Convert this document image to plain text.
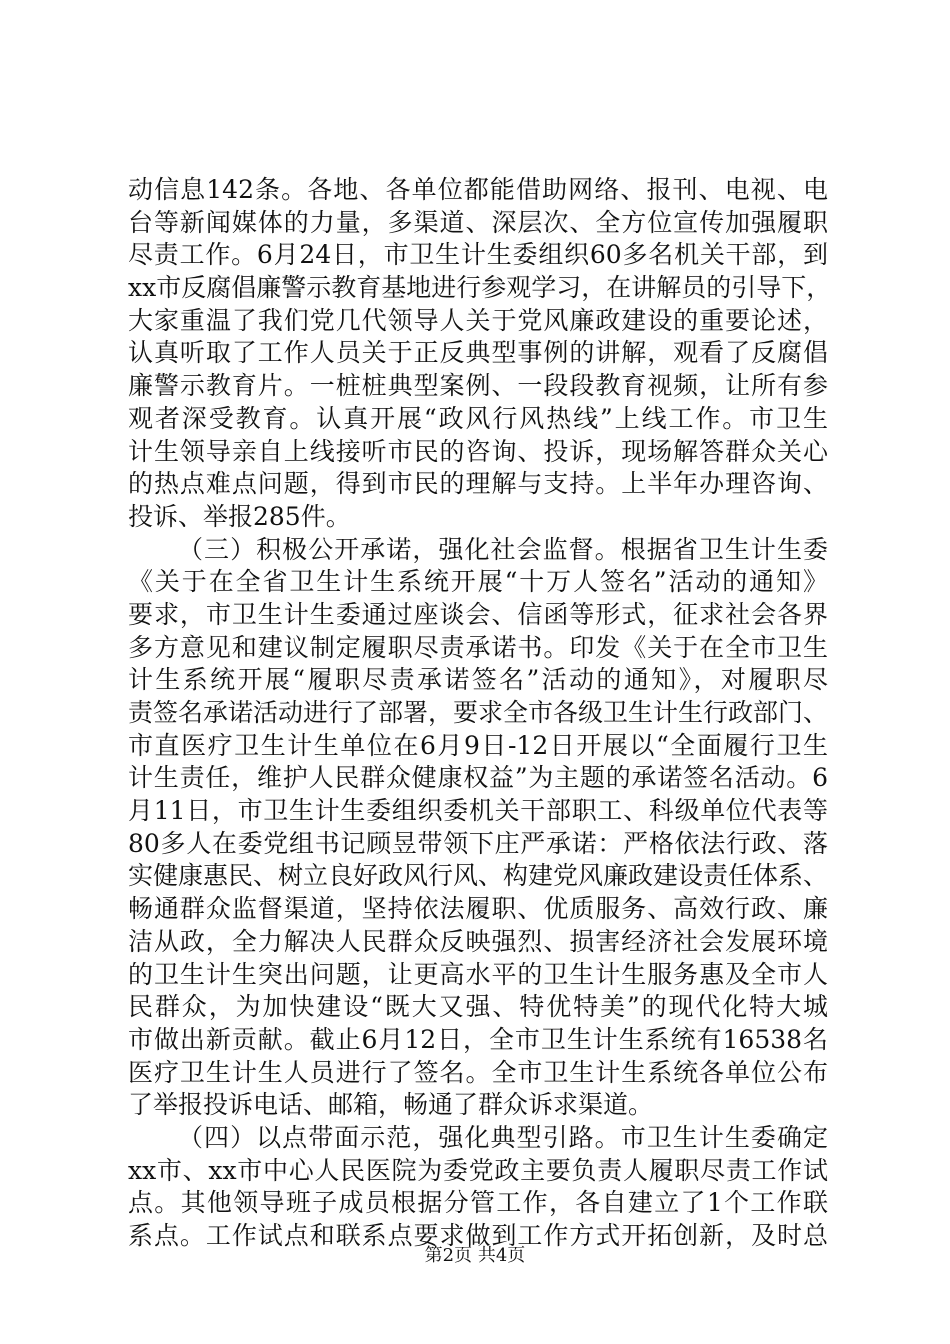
动信息142条。各地、各单位都能借助网络、报刊、电视、电
台等新闻媒体的力量，多渠道、深层次、全方位宣传加强履职
尽责工作。6月24日，市卫生计生委组织60多名机关干部，到
xx市反腐倡廉警示教育基地进行参观学习，在讲解员的引导下，
大家重温了我们党几代领导人关于党风廉政建设的重要论述，
认真听取了工作人员关于正反典型事例的讲解，观看了反腐倡
廉警示教育片。一桩桩典型案例、一段段教育视频，让所有参
观者深受教育。认真开展“政风行风热线”上线工作。市卫生
计生领导亲自上线接听市民的咨询、投诉，现场解答群众关心
的热点难点问题，得到市民的理解与支持。上半年办理咨询、
投诉、举报285件。
（三）积极公开承诺，强化社会监督。根据省卫生计生委
《关于在全省卫生计生系统开展“十万人签名”活动的通知》
要求，市卫生计生委通过座谈会、信函等形式，征求社会各界
多方意见和建议制定履职尽责承诺书。印发《关于在全市卫生
计生系统开展“履职尽责承诺签名”活动的通知》，对履职尽
责签名承诺活动进行了部署，要求全市各级卫生计生行政部门、
市直医疗卫生计生单位在6月9日-12日开展以“全面履行卫生
计生责任，维护人民群众健康权益”为主题的承诺签名活动。6
月11日，市卫生计生委组织委机关干部职工、科级单位代表等
80多人在委党组书记顾昱带领下庄严承诺：严格依法行政、落
实健康惠民、树立良好政风行风、构建党风廉政建设责任体系、
畅通群众监督渠道，坚持依法履职、优质服务、高效行政、廉
洁从政，全力解决人民群众反映强烈、损害经济社会发展环境
的卫生计生突出问题，让更高水平的卫生计生服务惠及全市人
民群众，为加快建设“既大又强、特优特美”的现代化特大城
市做出新贡献。截止6月12日，全市卫生计生系统有16538名
医疗卫生计生人员进行了签名。全市卫生计生系统各单位公布
了举报投诉电话、邮箱，畅通了群众诉求渠道。
（四）以点带面示范，强化典型引路。市卫生计生委确定
xx市、xx市中心人民医院为委党政主要负责人履职尽责工作试
点。其他领导班子成员根据分管工作，各自建立了1个工作联
系点。工作试点和联系点要求做到工作方式开拓创新，及时总
第2页 共4页
